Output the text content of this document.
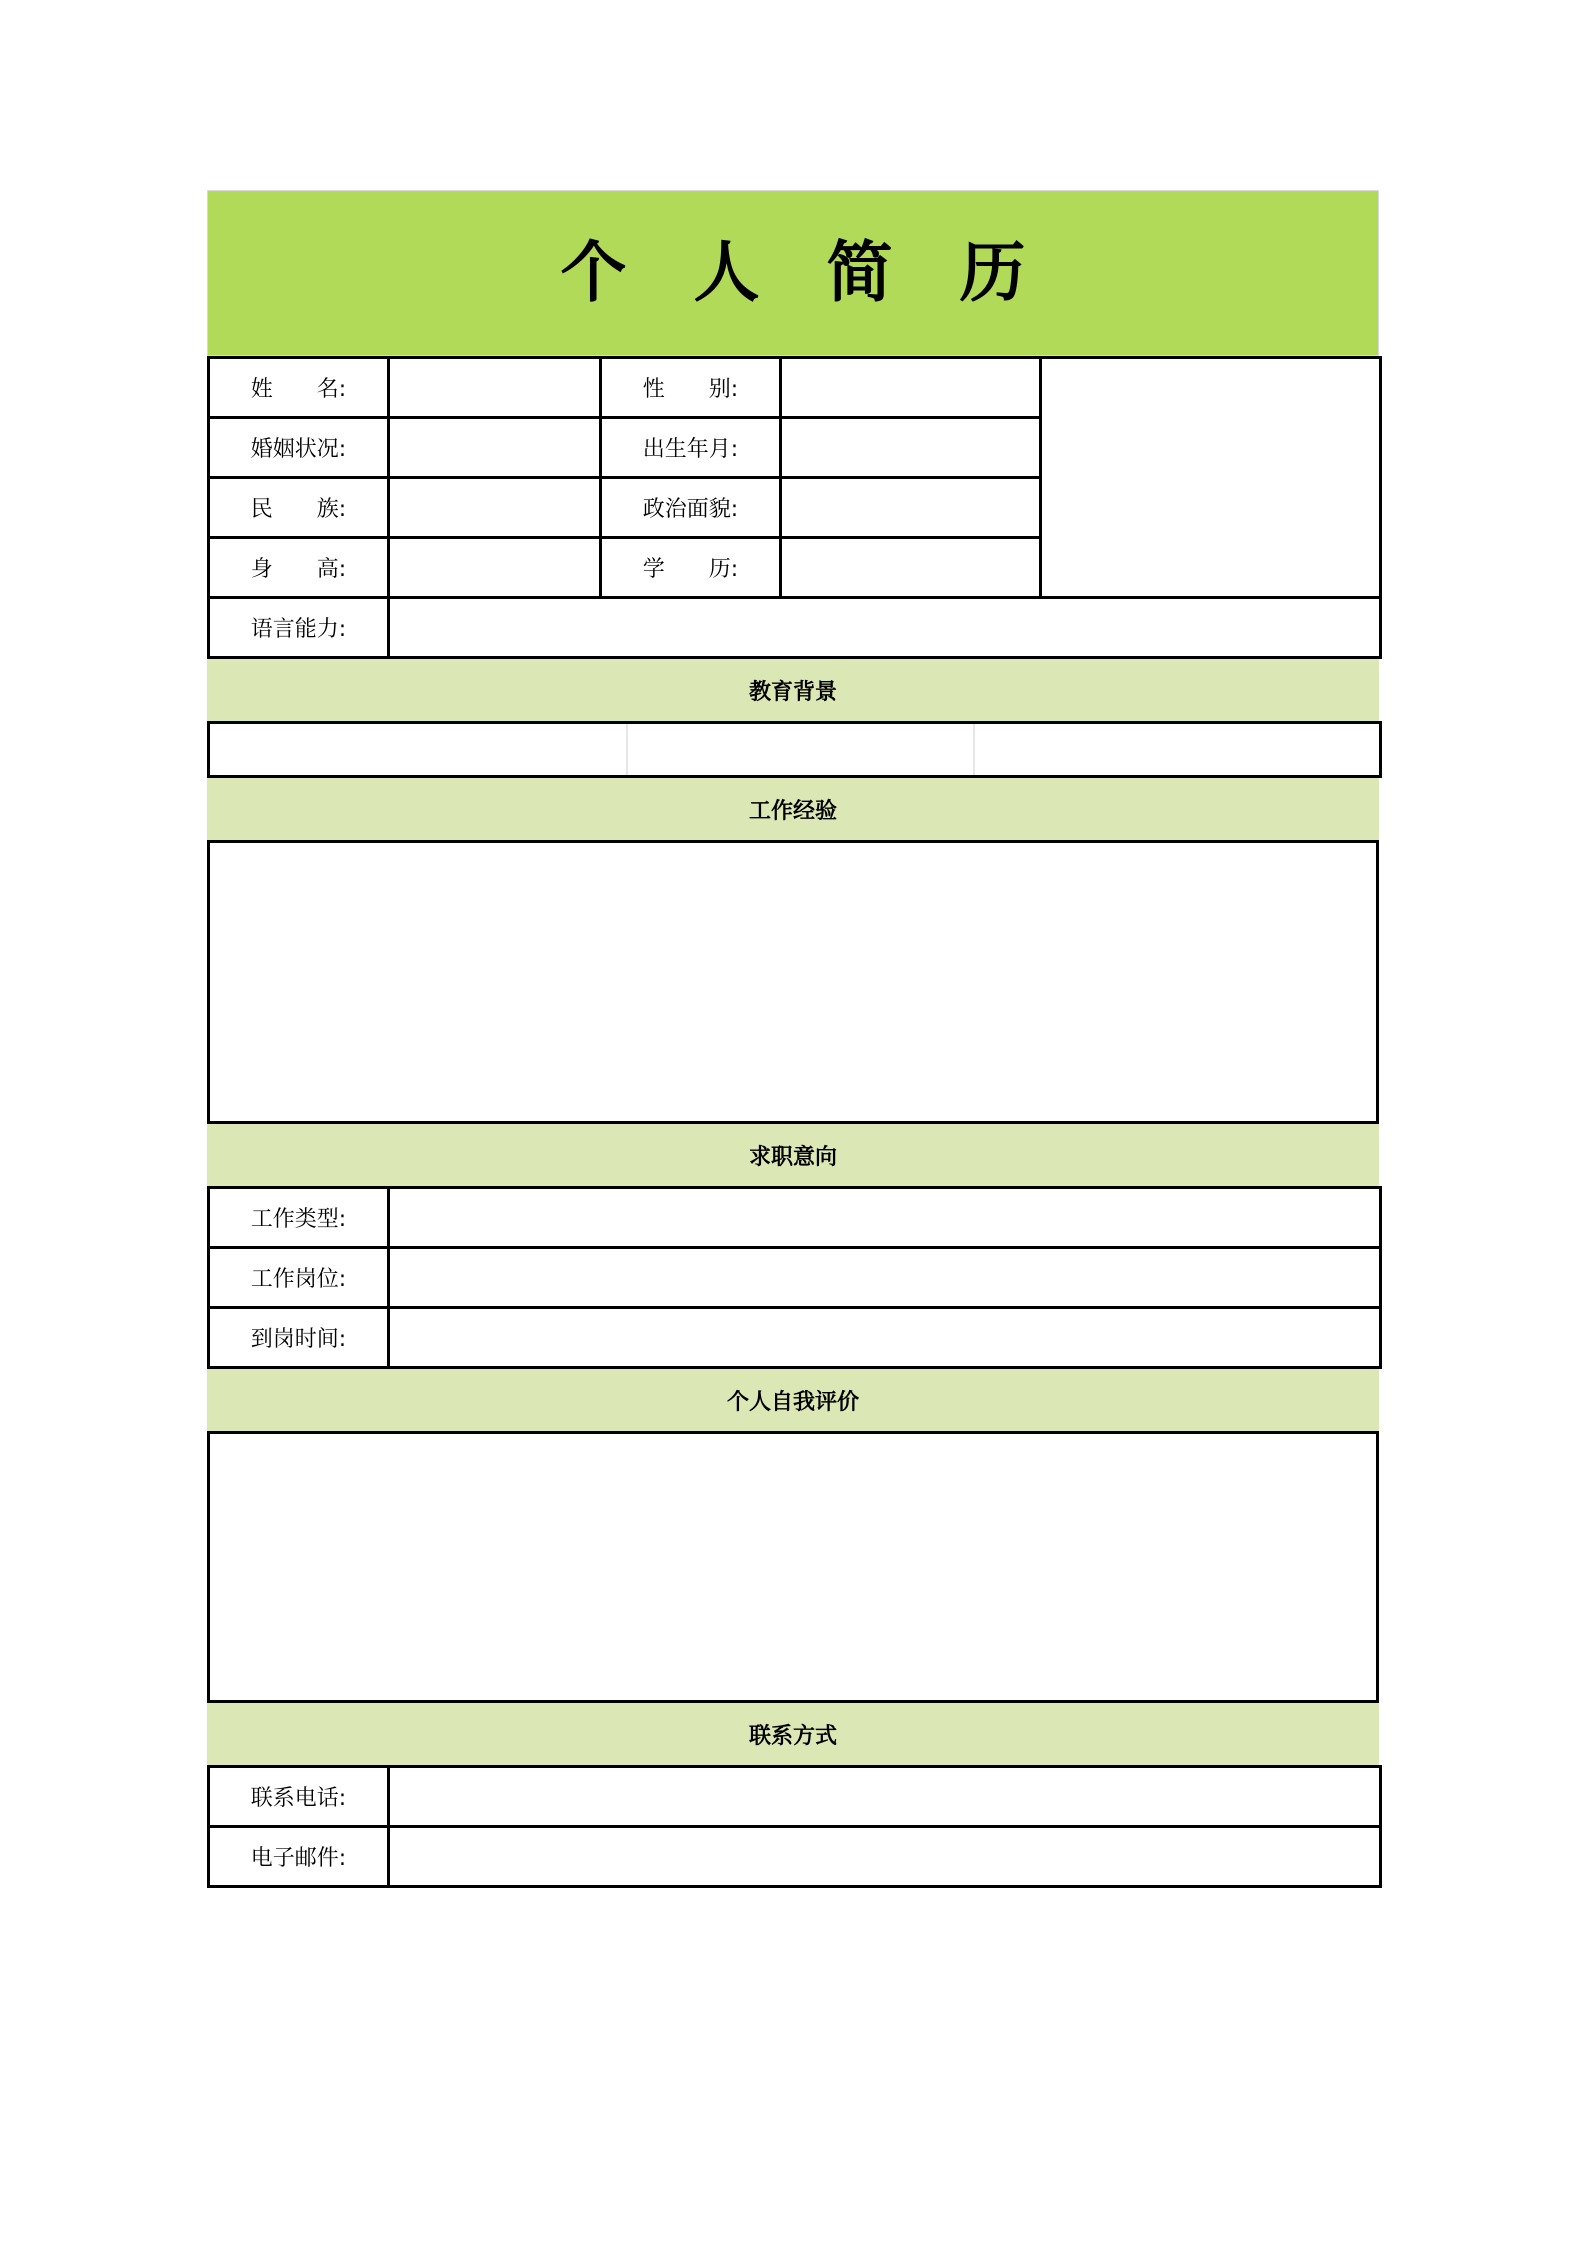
个 人 简 历
姓　　名:		性　　别:		
婚姻状况:		出生年月:		
民　　族:		政治面貌:		
身　　高:		学　　历:		
语言能力:				
教育背景

工作经验
求职意向
工作类型:	
工作岗位:	
到岗时间:	
个人自我评价
联系方式
联系电话:	
电子邮件:	
